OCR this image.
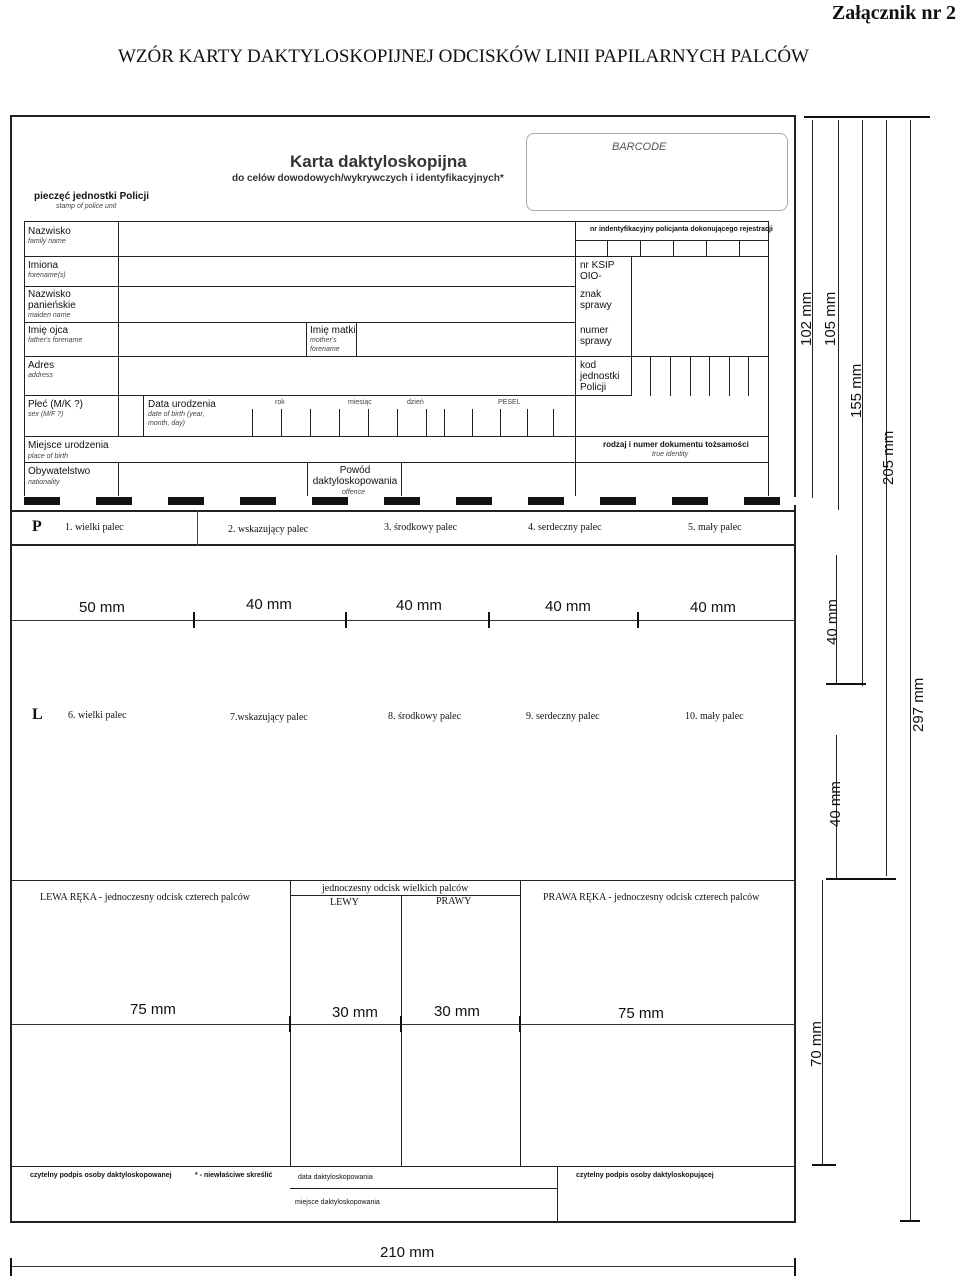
Załącznik nr 2
WZÓR KARTY DAKTYLOSKOPIJNEJ ODCISKÓW LINII PAPILARNYCH PALCÓW
pieczęć jednostki Policji
stamp of police unit
Karta daktyloskopijna
do celów dowodowych/wykrywczych i identyfikacyjnych*
BARCODE
nr indentyfikacyjny policjanta dokonującego rejestracji
Nazwisko
family name
Imiona
forename(s)
Nazwisko panieńskie
maiden name
Imię ojca
father's forename
Imię matki
mother's forename
Adres
address
Płeć (M/K ?)
sex (M/F ?)
Data urodzenia
date of birth (year, month, day)
rok	miesiąc	dzień	PESEL
Miejsce urodzenia
place of birth
Obywatelstwo
nationality
Powód daktyloskopowania
offence
nr KSIP OIO-
znak sprawy
numer sprawy
kod jednostki Policji
rodzaj i numer dokumentu tożsamości
true identity
P 1. wielki palec	2. wskazujący palec	3. środkowy palec	4. serdeczny palec	5. mały palec
L	6. wielki palec	7.wskazujący palec	8. środkowy palec	9. serdeczny palec	10. mały palec
50 mm	40 mm	40 mm	40 mm	40 mm
LEWA RĘKA - jednoczesny odcisk czterech palców
jednoczesny odcisk wielkich palców
LEWY	PRAWY	PRAWA RĘKA - jednoczesny odcisk czterech palców
75 mm	30 mm	30 mm	75 mm
czytelny podpis osoby daktyloskopowanej	* - niewłaściwe skreślić	data daktyloskopowania
miejsce daktyloskopowania
czytelny podpis osoby daktyloskopującej
210 mm
102 mm 105 mm
155 mm
205 mm
297 mm
40 mm
40 mm
70 mm
